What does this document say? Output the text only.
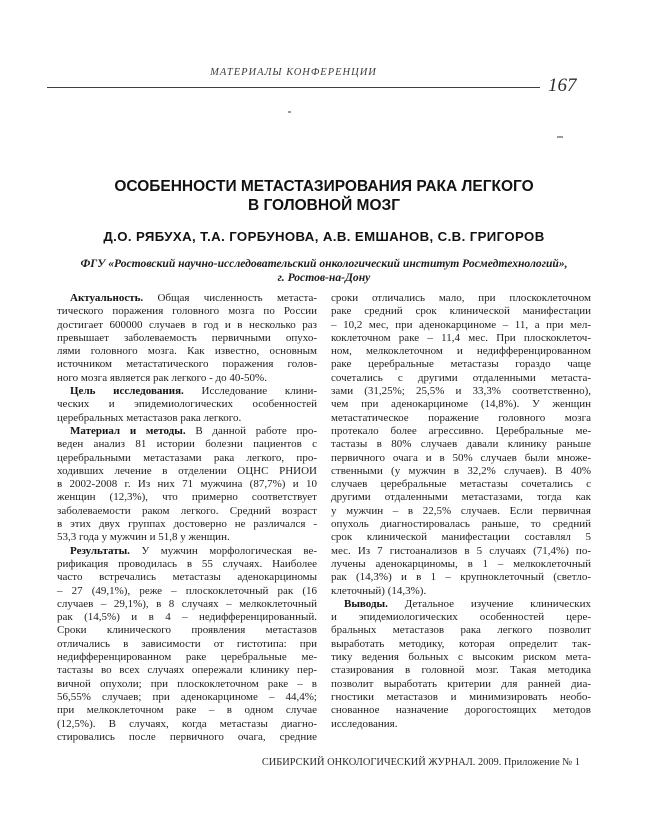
МАТЕРИАЛЫ КОНФЕРЕНЦИИ
167
ОСОБЕННОСТИ МЕТАСТАЗИРОВАНИЯ РАКА ЛЕГКОГО
В ГОЛОВНОЙ МОЗГ
Д.О. РЯБУХА, Т.А. ГОРБУНОВА, А.В. ЕМШАНОВ, С.В. ГРИГОРОВ
ФГУ «Ростовский научно-исследовательский онкологический институт Росмедтехнологий»,
г. Ростов-на-Дону
Актуальность. Общая численность метаста-
тического поражения головного мозга по России
достигает 600000 случаев в год и в несколько раз
превышает заболеваемость первичными опухо-
лями головного мозга. Как известно, основным
источником метастатического поражения голов-
ного мозга является рак легкого - до 40-50%.
Цель исследования. Исследование клини-
ческих и эпидемиологических особенностей
церебральных метастазов рака легкого.
Материал и методы. В данной работе про-
веден анализ 81 истории болезни пациентов с
церебральными метастазами рака легкого, про-
ходивших лечение в отделении ОЦНС РНИОИ
в 2002-2008 г. Из них 71 мужчина (87,7%) и 10
женщин (12,3%), что примерно соответствует
заболеваемости раком легкого. Средний возраст
в этих двух группах достоверно не различался -
53,3 года у мужчин и 51,8 у женщин.
Результаты. У мужчин морфологическая ве-
рификация проводилась в 55 случаях. Наиболее
часто встречались метастазы аденокарциномы
– 27 (49,1%), реже – плоскоклеточный рак (16
случаев – 29,1%), в 8 случаях – мелкоклеточный
рак (14,5%) и в 4 – недифференцированный.
Сроки клинического проявления метастазов
отличались в зависимости от гистотипа: при
недифференцированном раке церебральные ме-
тастазы во всех случаях опережали клинику пер-
вичной опухоли; при плоскоклеточном раке – в
56,55% случаев; при аденокарциноме – 44,4%;
при мелкоклеточном раке – в одном случае
(12,5%). В случаях, когда метастазы диагно-
стировались после первичного очага, средние
сроки отличались мало, при плоскоклеточном
раке средний срок клинической манифестации
– 10,2 мес, при аденокарциноме – 11, а при мел-
коклеточном раке – 11,4 мес. При плоскоклеточ-
ном, мелкоклеточном и недифференцированном
раке церебральные метастазы гораздо чаще
сочетались с другими отдаленными метаста-
зами (31,25%; 25,5% и 33,3% соответственно),
чем при аденокарциноме (14,8%). У женщин
метастатическое поражение головного мозга
протекало более агрессивно. Церебральные ме-
тастазы в 80% случаев давали клинику раньше
первичного очага и в 50% случаев были множе-
ственными (у мужчин в 32,2% случаев). В 40%
случаев церебральные метастазы сочетались с
другими отдаленными метастазами, тогда как
у мужчин – в 22,5% случаев. Если первичная
опухоль диагностировалась раньше, то средний
срок клинической манифестации составлял 5
мес. Из 7 гистоанализов в 5 случаях (71,4%) по-
лучены аденокарциномы, в 1 – мелкоклеточный
рак (14,3%) и в 1 – крупноклеточный (светло-
клеточный) (14,3%).
Выводы. Детальное изучение клинических
и эпидемиологических особенностей цере-
бральных метастазов рака легкого позволит
выработать методику, которая определит так-
тику ведения больных с высоким риском мета-
стазирования в головной мозг. Такая методика
позволит выработать критерии для ранней диа-
гностики метастазов и минимизировать необо-
снованное назначение дорогостоящих методов
исследования.
СИБИРСКИЙ ОНКОЛОГИЧЕСКИЙ ЖУРНАЛ. 2009. Приложение № 1
